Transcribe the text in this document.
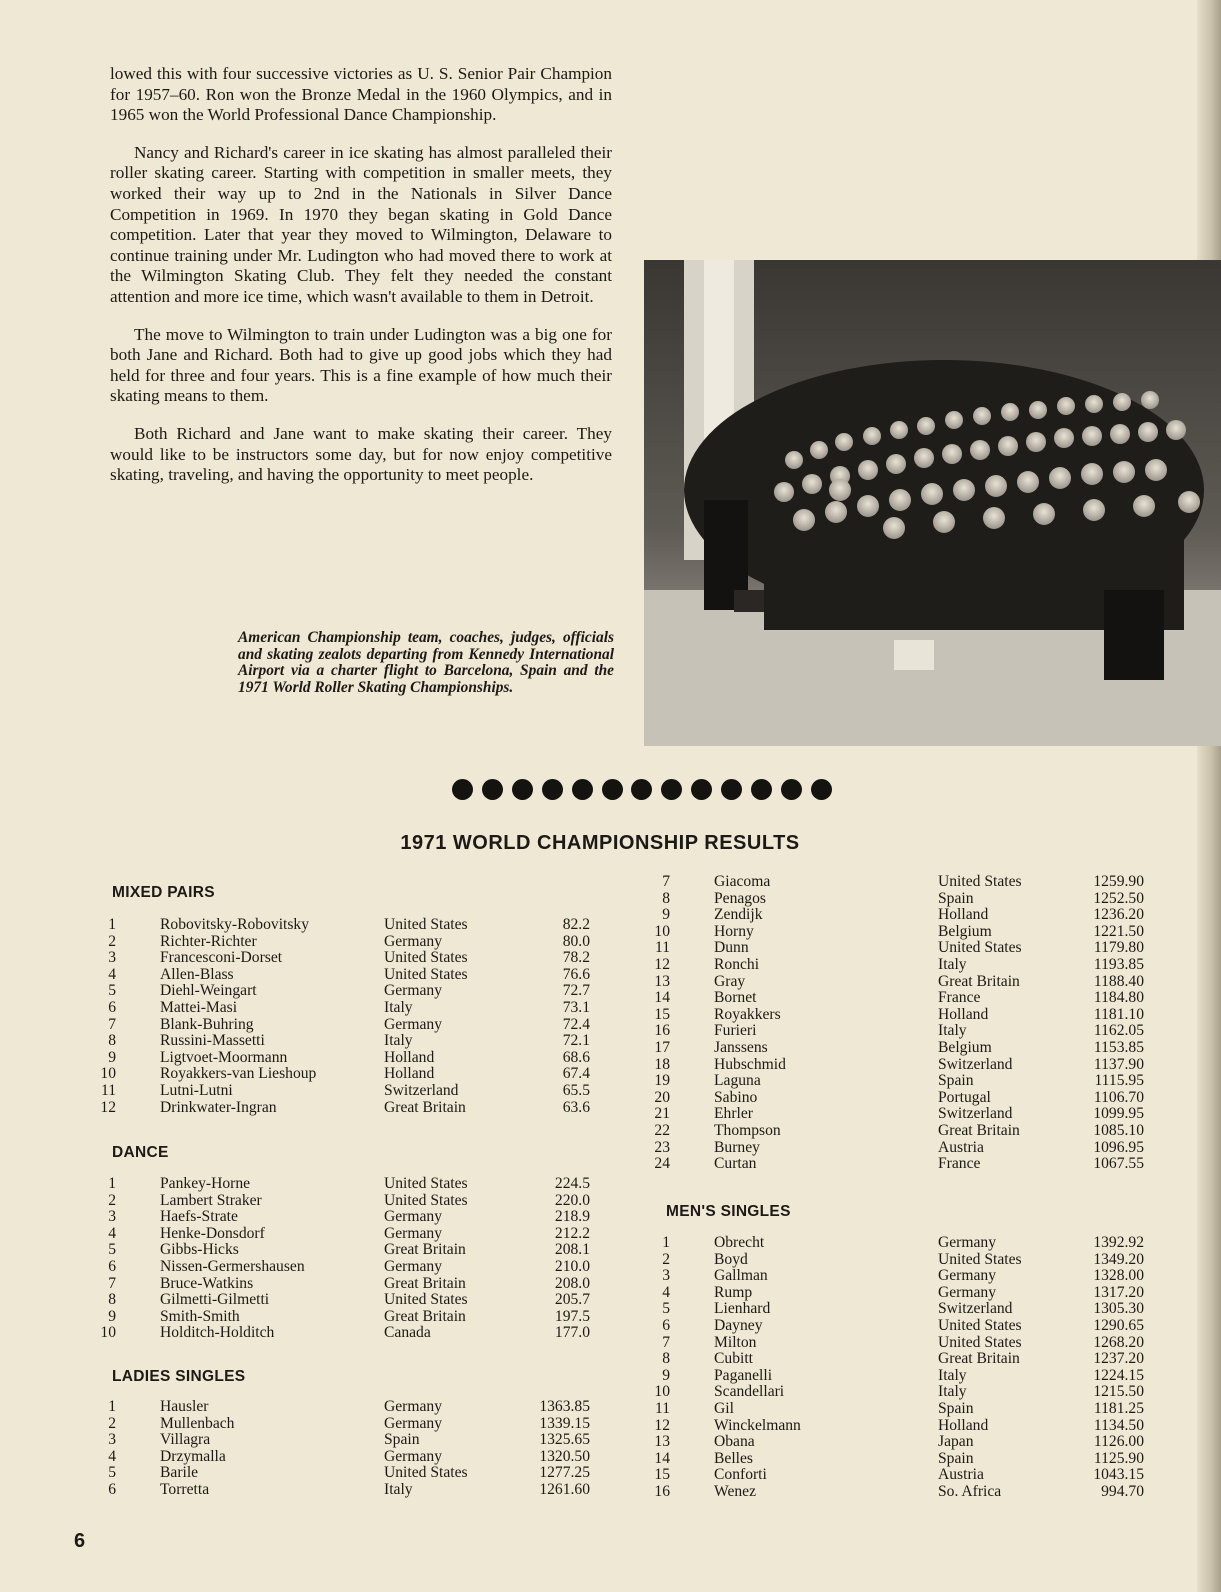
lowed this with four successive victories as U. S. Senior Pair Champion for 1957–60. Ron won the Bronze Medal in the 1960 Olympics, and in 1965 won the World Professional Dance Championship.

Nancy and Richard's career in ice skating has almost paralleled their roller skating career. Starting with competition in smaller meets, they worked their way up to 2nd in the Nationals in Silver Dance Competition in 1969. In 1970 they began skating in Gold Dance competition. Later that year they moved to Wilmington, Delaware to continue training under Mr. Ludington who had moved there to work at the Wilmington Skating Club. They felt they needed the constant attention and more ice time, which wasn't available to them in Detroit.

The move to Wilmington to train under Ludington was a big one for both Jane and Richard. Both had to give up good jobs which they had held for three and four years. This is a fine example of how much their skating means to them.

Both Richard and Jane want to make skating their career. They would like to be instructors some day, but for now enjoy competitive skating, traveling, and having the opportunity to meet people.

American Championship team, coaches, judges, officials and skating zealots departing from Kennedy International Airport via a charter flight to Barcelona, Spain and the 1971 World Roller Skating Championships.
1971 WORLD CHAMPIONSHIP RESULTS
MIXED PAIRS
1	Robovitsky-Robovitsky	United States	82.2
2	Richter-Richter	Germany	80.0
3	Francesconi-Dorset	United States	78.2
4	Allen-Blass	United States	76.6
5	Diehl-Weingart	Germany	72.7
6	Mattei-Masi	Italy	73.1
7	Blank-Buhring	Germany	72.4
8	Russini-Massetti	Italy	72.1
9	Ligtvoet-Moormann	Holland	68.6
10	Royakkers-van Lieshoup	Holland	67.4
11	Lutni-Lutni	Switzerland	65.5
12	Drinkwater-Ingran	Great Britain	63.6
DANCE
1	Pankey-Horne	United States	224.5
2	Lambert Straker	United States	220.0
3	Haefs-Strate	Germany	218.9
4	Henke-Donsdorf	Germany	212.2
5	Gibbs-Hicks	Great Britain	208.1
6	Nissen-Germershausen	Germany	210.0
7	Bruce-Watkins	Great Britain	208.0
8	Gilmetti-Gilmetti	United States	205.7
9	Smith-Smith	Great Britain	197.5
10	Holditch-Holditch	Canada	177.0
LADIES SINGLES
1	Hausler	Germany	1363.85
2	Mullenbach	Germany	1339.15
3	Villagra	Spain	1325.65
4	Drzymalla	Germany	1320.50
5	Barile	United States	1277.25
6	Torretta	Italy	1261.60
7	Giacoma	United States	1259.90
8	Penagos	Spain	1252.50
9	Zendijk	Holland	1236.20
10	Horny	Belgium	1221.50
11	Dunn	United States	1179.80
12	Ronchi	Italy	1193.85
13	Gray	Great Britain	1188.40
14	Bornet	France	1184.80
15	Royakkers	Holland	1181.10
16	Furieri	Italy	1162.05
17	Janssens	Belgium	1153.85
18	Hubschmid	Switzerland	1137.90
19	Laguna	Spain	1115.95
20	Sabino	Portugal	1106.70
21	Ehrler	Switzerland	1099.95
22	Thompson	Great Britain	1085.10
23	Burney	Austria	1096.95
24	Curtan	France	1067.55
MEN'S SINGLES
1	Obrecht	Germany	1392.92
2	Boyd	United States	1349.20
3	Gallman	Germany	1328.00
4	Rump	Germany	1317.20
5	Lienhard	Switzerland	1305.30
6	Dayney	United States	1290.65
7	Milton	United States	1268.20
8	Cubitt	Great Britain	1237.20
9	Paganelli	Italy	1224.15
10	Scandellari	Italy	1215.50
11	Gil	Spain	1181.25
12	Winckelmann	Holland	1134.50
13	Obana	Japan	1126.00
14	Belles	Spain	1125.90
15	Conforti	Austria	1043.15
16	Wenez	So. Africa	994.70
6
